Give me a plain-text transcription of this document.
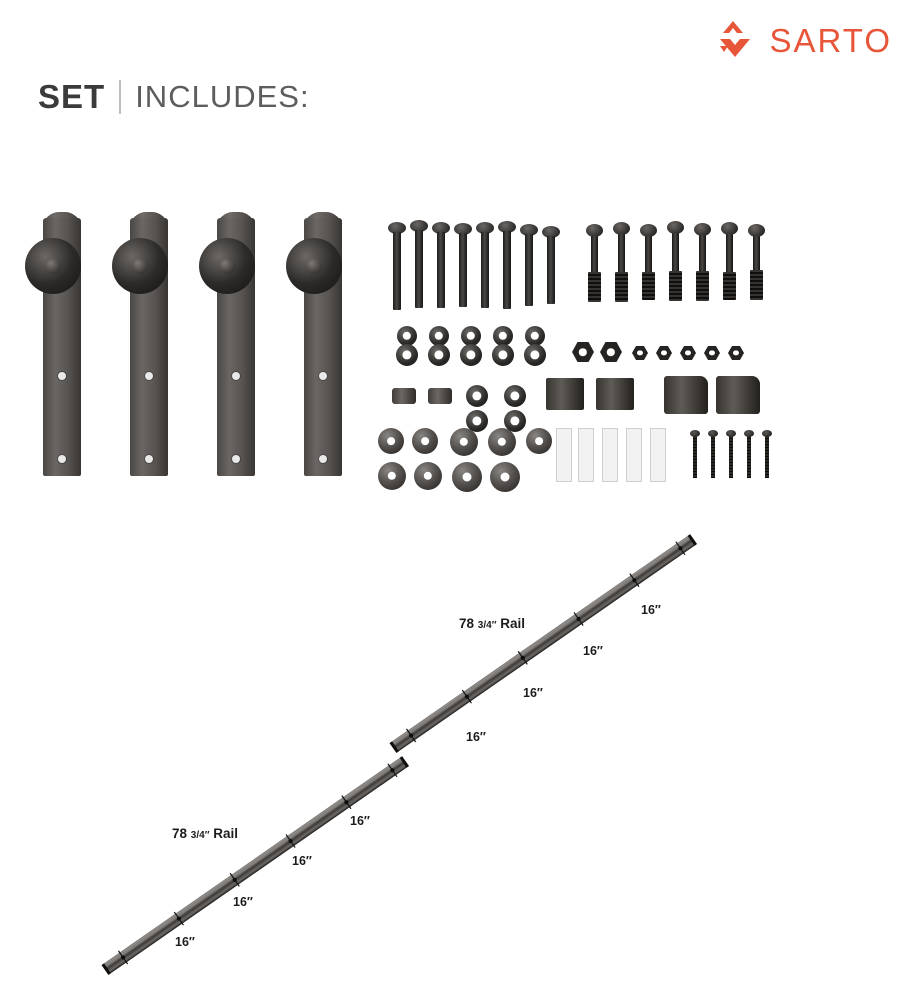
SARTO
SET INCLUDES:
78 3/4″ Rail
16″
16″
16″
16″
78 3/4″ Rail
16″
16″
16″
16″
